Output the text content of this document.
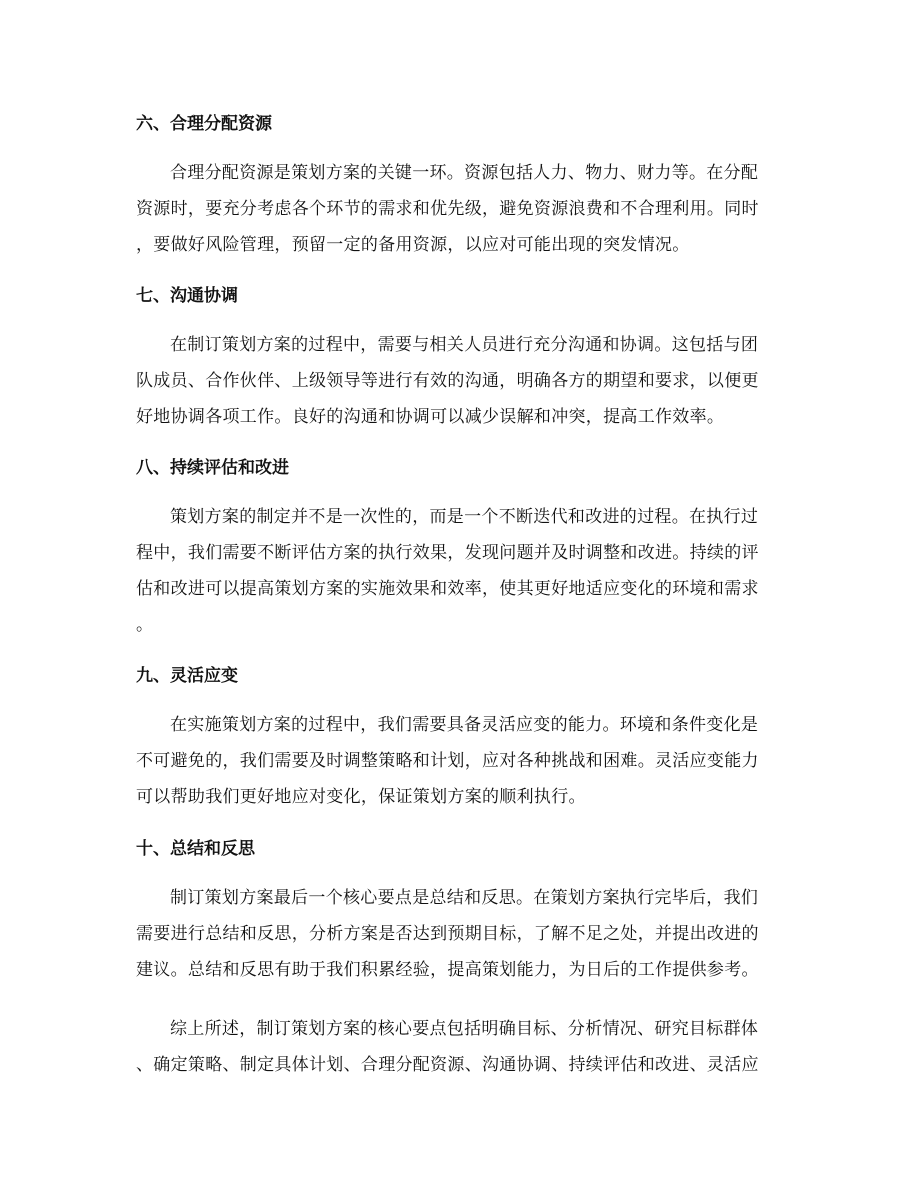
六、合理分配资源
合理分配资源是策划方案的关键一环。资源包括人力、物力、财力等。在分配
资源时，要充分考虑各个环节的需求和优先级，避免资源浪费和不合理利用。同时
，要做好风险管理，预留一定的备用资源，以应对可能出现的突发情况。
七、沟通协调
在制订策划方案的过程中，需要与相关人员进行充分沟通和协调。这包括与团
队成员、合作伙伴、上级领导等进行有效的沟通，明确各方的期望和要求，以便更
好地协调各项工作。良好的沟通和协调可以减少误解和冲突，提高工作效率。
八、持续评估和改进
策划方案的制定并不是一次性的，而是一个不断迭代和改进的过程。在执行过
程中，我们需要不断评估方案的执行效果，发现问题并及时调整和改进。持续的评
估和改进可以提高策划方案的实施效果和效率，使其更好地适应变化的环境和需求
。
九、灵活应变
在实施策划方案的过程中，我们需要具备灵活应变的能力。环境和条件变化是
不可避免的，我们需要及时调整策略和计划，应对各种挑战和困难。灵活应变能力
可以帮助我们更好地应对变化，保证策划方案的顺利执行。
十、总结和反思
制订策划方案最后一个核心要点是总结和反思。在策划方案执行完毕后，我们
需要进行总结和反思，分析方案是否达到预期目标，了解不足之处，并提出改进的
建议。总结和反思有助于我们积累经验，提高策划能力，为日后的工作提供参考。
综上所述，制订策划方案的核心要点包括明确目标、分析情况、研究目标群体
、确定策略、制定具体计划、合理分配资源、沟通协调、持续评估和改进、灵活应
